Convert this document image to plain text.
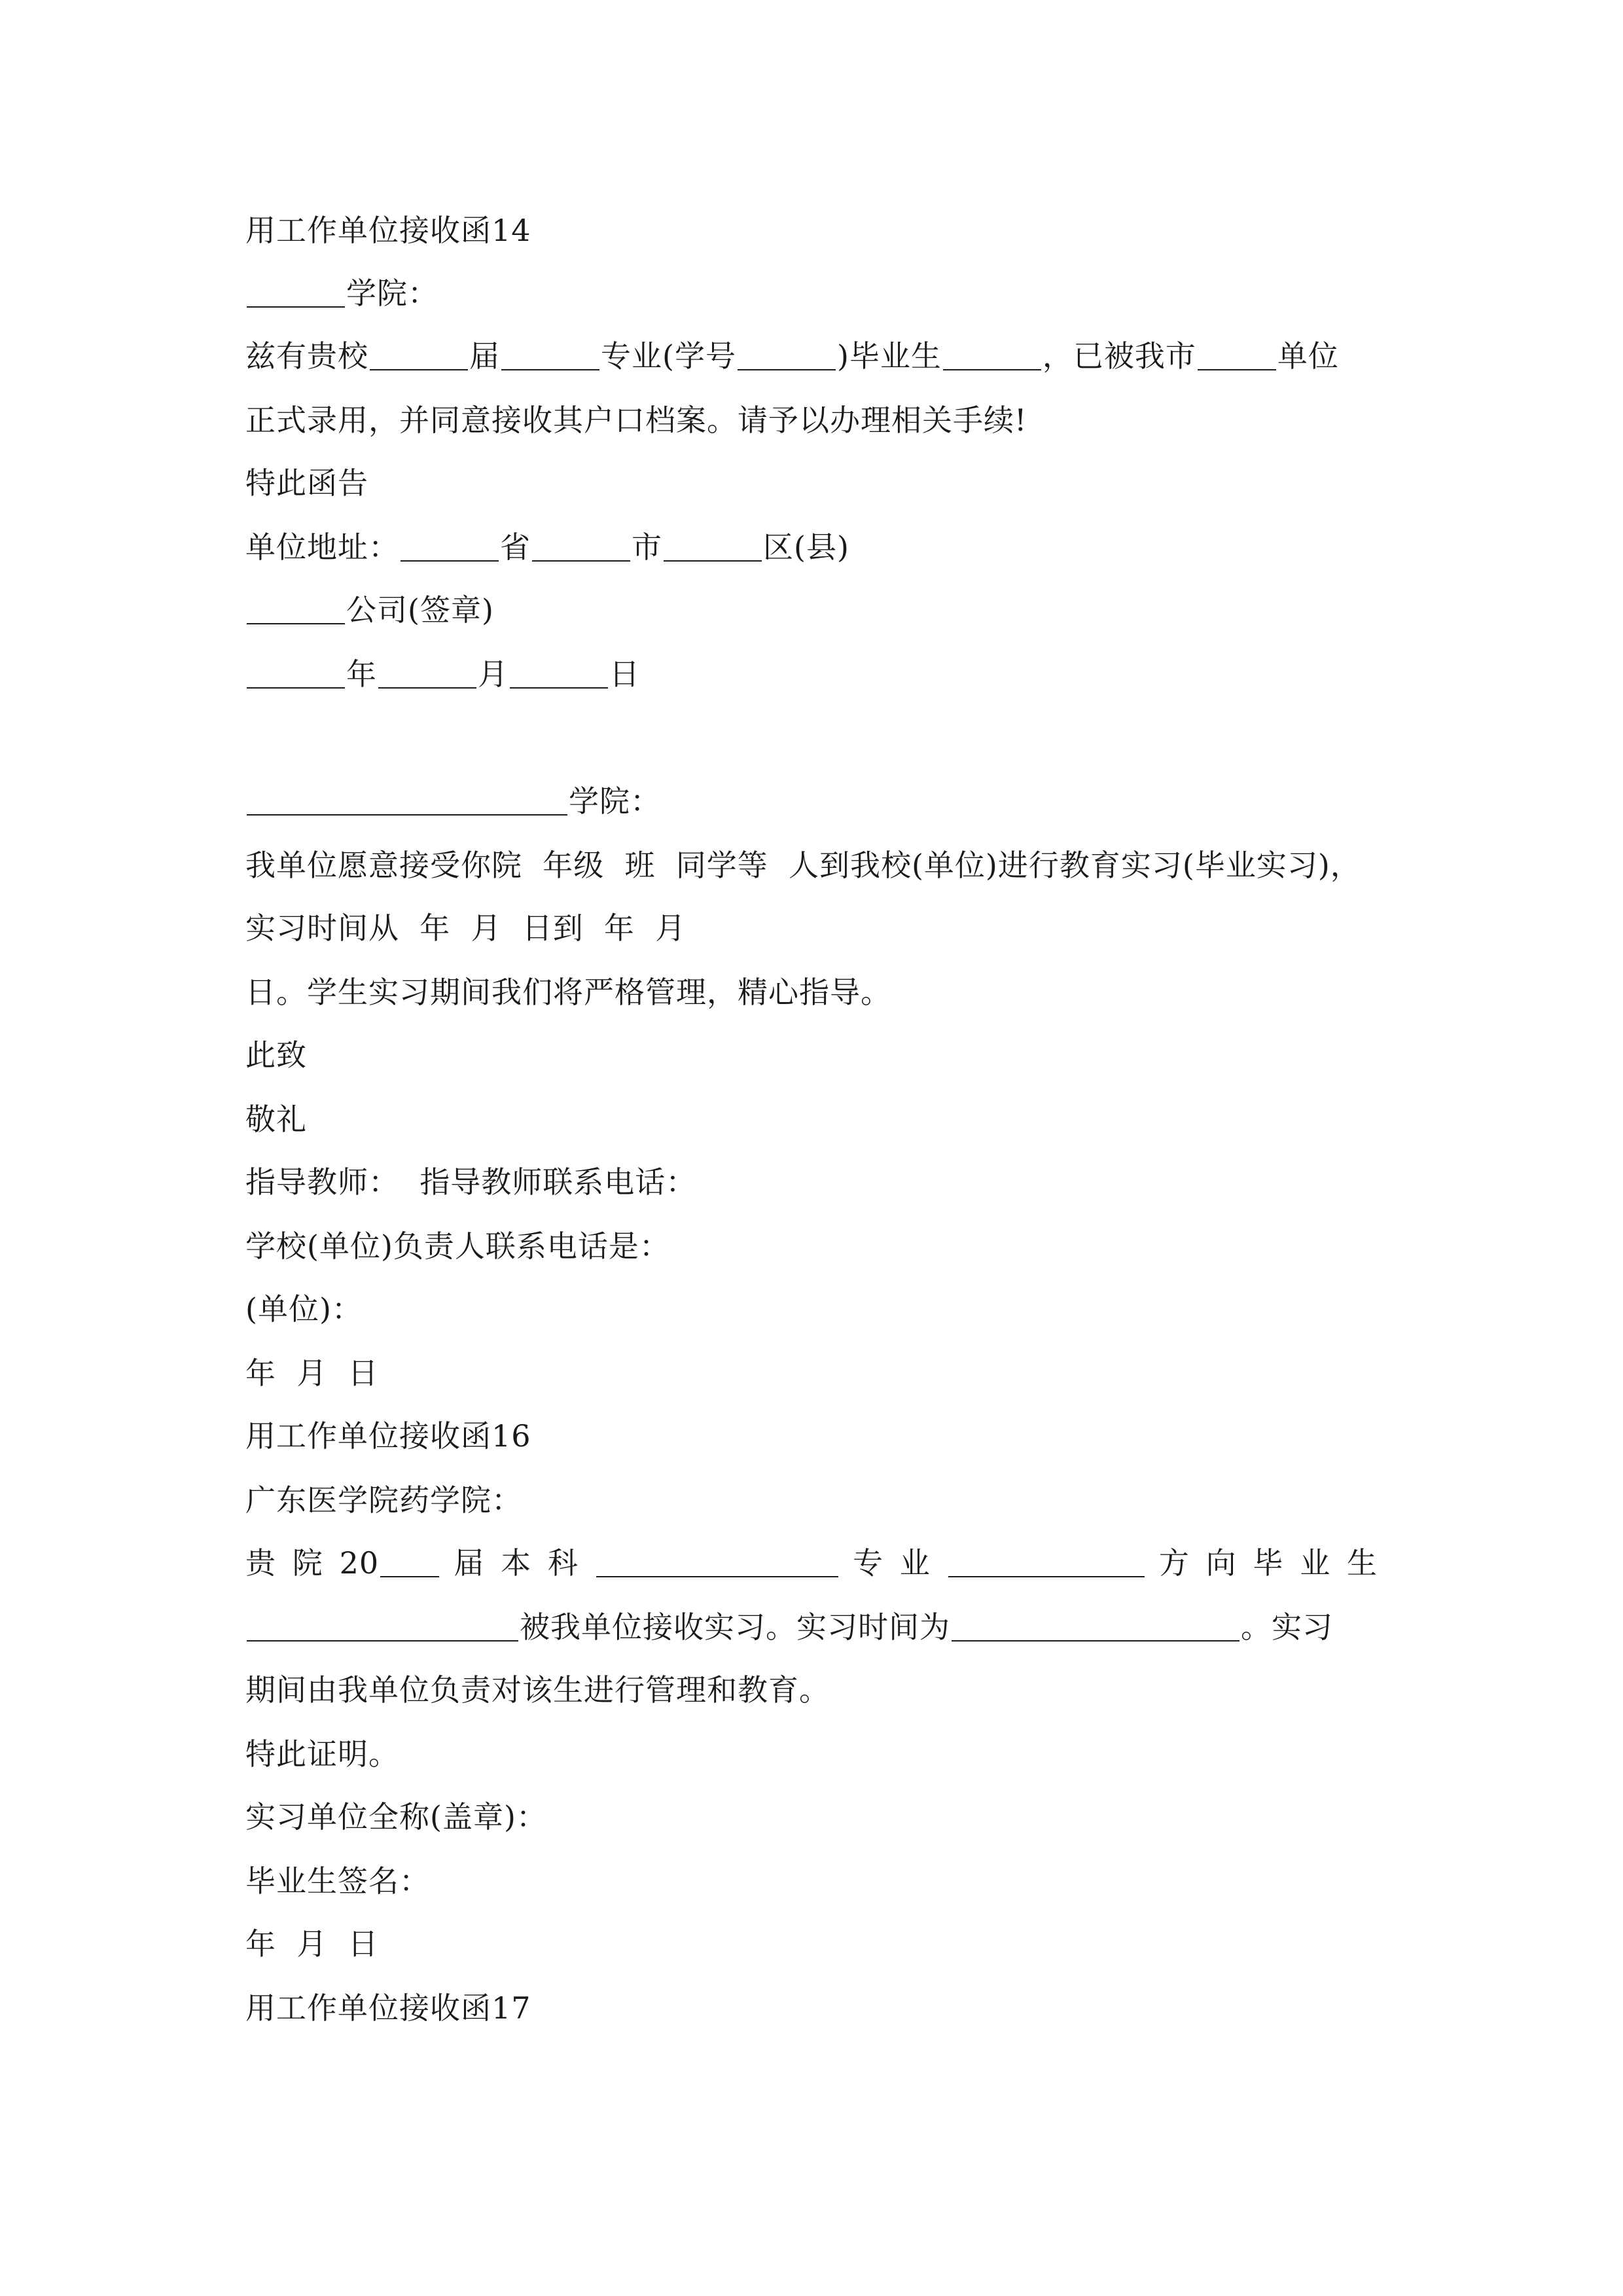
用工作单位接收函14
学院：
兹有贵校	届	专业(学号	)毕业生	，已被我市	单位
正式录用，并同意接收其户口档案。请予以办理相关手续!
特此函告
单位地址：	省	市	区(县)
公司(签章)
年	月	日
学院：
我单位愿意接受你院  年级  班  同学等  人到我校(单位)进行教育实习(毕业实习)，
实习时间从  年  月  日到  年  月
日。学生实习期间我们将严格管理，精心指导。
此致
敬礼
指导教师：  指导教师联系电话：
学校(单位)负责人联系电话是：
(单位)：
年  月  日
用工作单位接收函16
广东医学院药学院：
贵 院 20 届 本 科	专 业	方 向 毕 业 生
被我单位接收实习。实习时间为	。实习
期间由我单位负责对该生进行管理和教育。
特此证明。
实习单位全称(盖章)：
毕业生签名：
年  月  日
用工作单位接收函17
